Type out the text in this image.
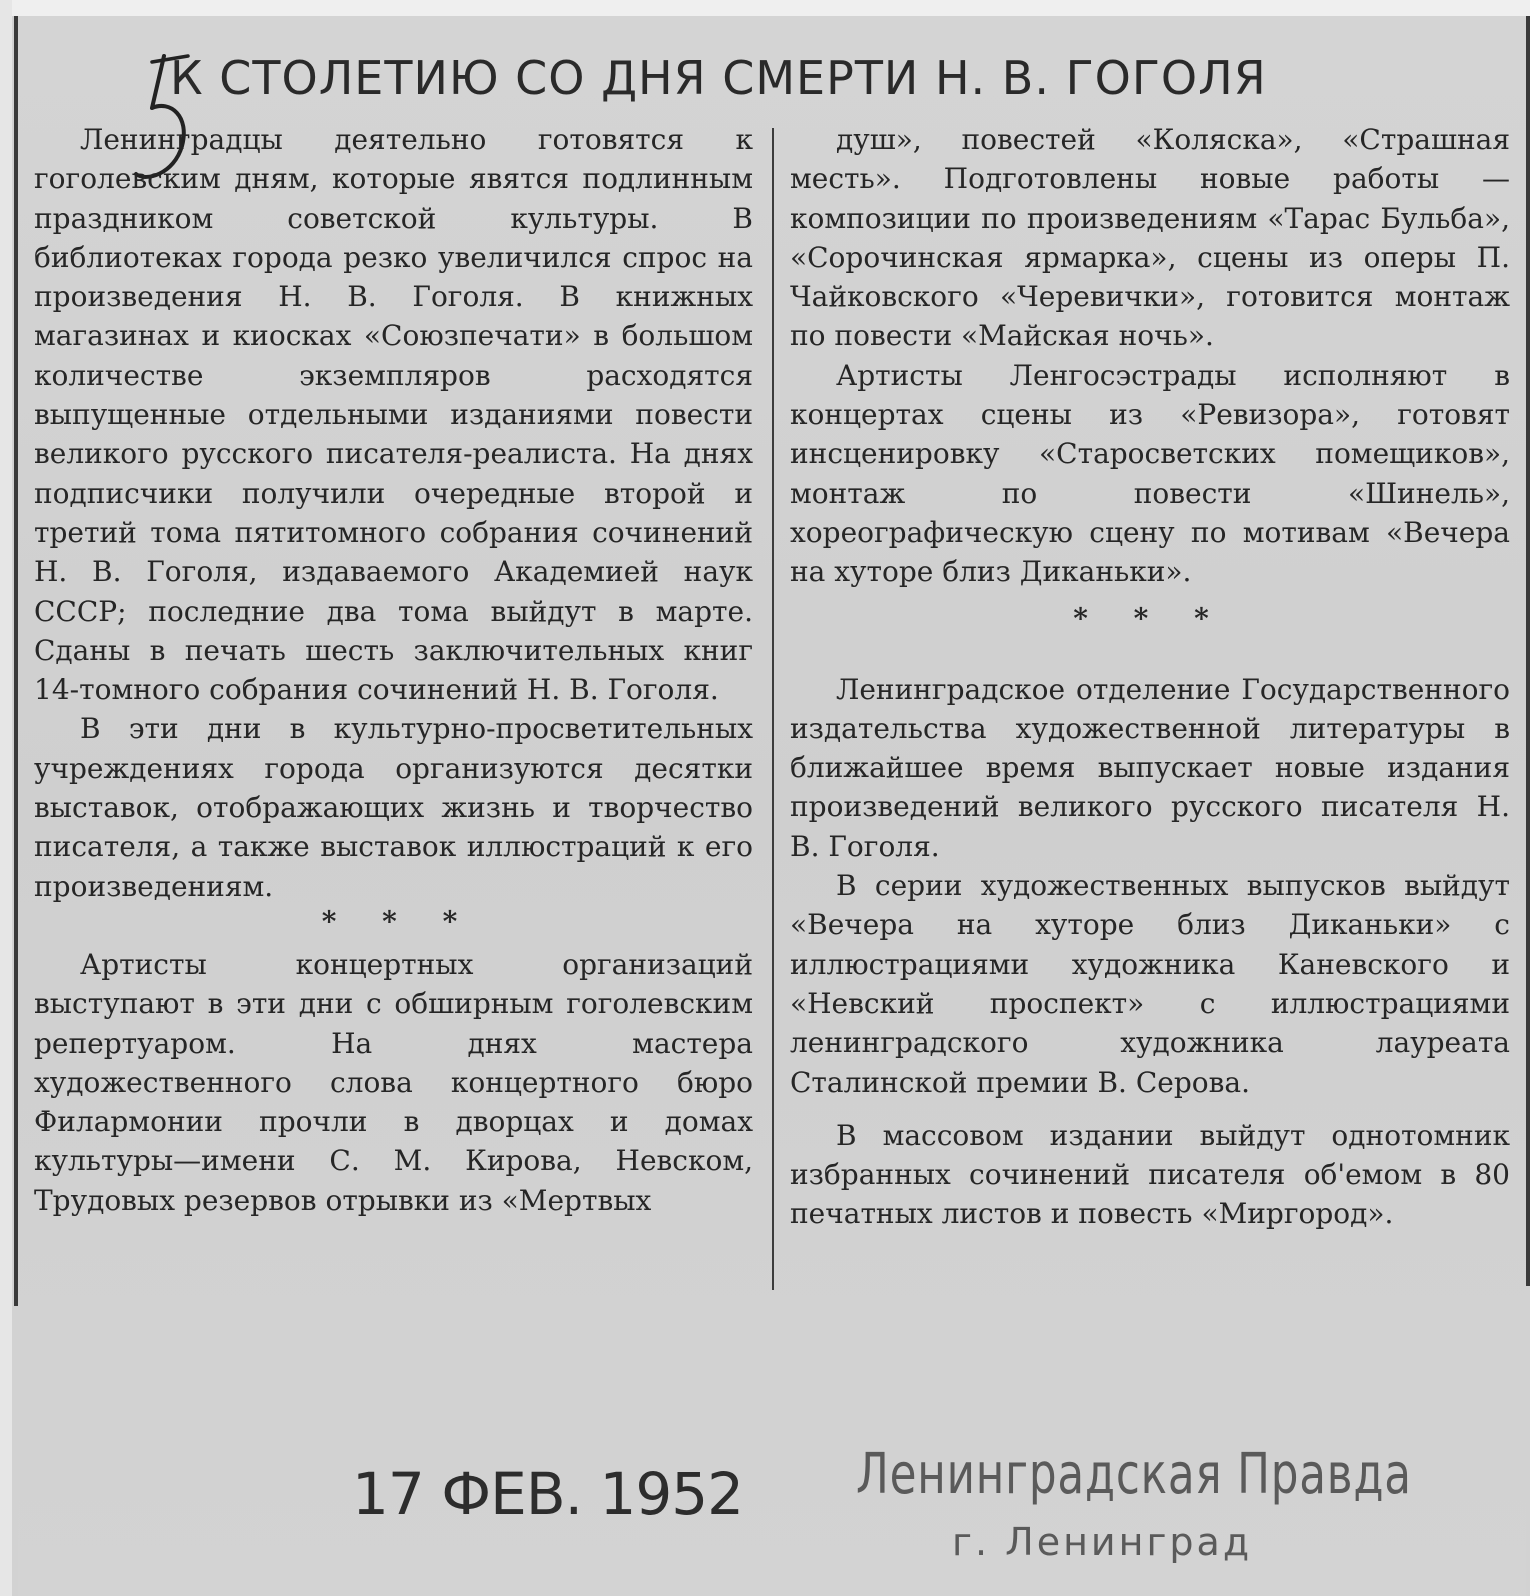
К СТОЛЕТИЮ СО ДНЯ СМЕРТИ Н. В. ГОГОЛЯ

Ленинградцы деятельно готовятся к гоголевским дням, которые явятся подлинным праздником советской культуры. В библиотеках города резко увеличился спрос на произведения Н. В. Гоголя. В книжных магазинах и киосках «Союзпечати» в большом количестве экземпляров расходятся выпущенные отдельными изданиями повести великого русского писателя-реалиста. На днях подписчики получили очередные второй и третий тома пятитомного собрания сочинений Н. В. Гоголя, издаваемого Академией наук СССР; последние два тома выйдут в марте. Сданы в печать шесть заключительных книг 14-томного собрания сочинений Н. В. Гоголя.

В эти дни в культурно-просветительных учреждениях города организуются десятки выставок, отображающих жизнь и творчество писателя, а также выставок иллюстраций к его произведениям.

* * *

Артисты концертных организаций выступают в эти дни с обширным гоголевским репертуаром. На днях мастера художественного слова концертного бюро Филармонии прочли в дворцах и домах культуры—имени С. М. Кирова, Невском, Трудовых резервов отрывки из «Мертвых

душ», повестей «Коляска», «Страшная месть». Подготовлены новые работы — композиции по произведениям «Тарас Бульба», «Сорочинская ярмарка», сцены из оперы П. Чайковского «Черевички», готовится монтаж по повести «Майская ночь».

Артисты Ленгосэстрады исполняют в концертах сцены из «Ревизора», готовят инсценировку «Старосветских помещиков», монтаж по повести «Шинель», хореографическую сцену по мотивам «Вечера на хуторе близ Диканьки».

* * *

Ленинградское отделение Государственного издательства художественной литературы в ближайшее время выпускает новые издания произведений великого русского писателя Н. В. Гоголя.

В серии художественных выпусков выйдут «Вечера на хуторе близ Диканьки» с иллюстрациями художника Каневского и «Невский проспект» с иллюстрациями ленинградского художника лауреата Сталинской премии В. Серова.

В массовом издании выйдут однотомник избранных сочинений писателя об'емом в 80 печатных листов и повесть «Миргород».

17 ФЕВ. 1952 Ленинградская Правда
г. Ленинград
